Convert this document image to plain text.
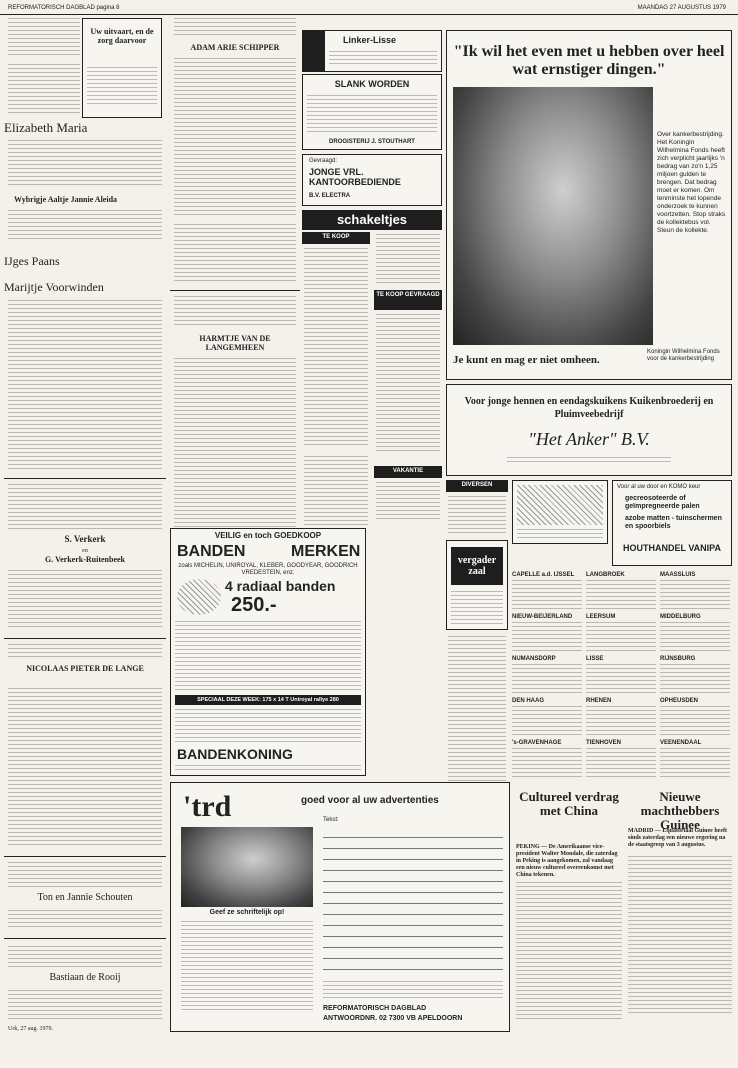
REFORMATORISCH DAGBLAD pagina 8	MAANDAG 27 AUGUSTUS 1979
Uw uitvaart, en de zorg daarvoor
Elizabeth Maria
Wybrigje Aaltje Jannie Aleida
IJges Paans
Marijtje Voorwinden
S. Verkerk
en
G. Verkerk-Ruitenbeek
NICOLAAS PIETER DE LANGE
Ton en Jannie Schouten
Bastiaan de Rooij
Urk, 27 aug. 1979.
ADAM ARIE SCHIPPER
HARMTJE VAN DE LANGEMHEEN
Linker-Lisse
SLANK WORDEN
DROGISTERIJ J. STOUTHART
Gevraagd:
JONGE VRL. KANTOORBEDIENDE
B.V. ELECTRA
schakeltjes
TE KOOP
TE KOOP GEVRAAGD
VAKANTIE
"Ik wil het even met u hebben over heel wat ernstiger dingen."
Over kankerbestrijding. Het Koningin Wilhelmina Fonds heeft zich verplicht jaarlijks 'n bedrag van zo'n 1,25 miljoen gulden te brengen. Dat bedrag moet er komen. Om tenminste het lopende onderzoek te kunnen voortzetten. Stop straks de kollektebus vol. Steun de kollekte.
Je kunt en mag er niet omheen.
Koningin Wilhelmina Fonds voor de kankerbestrijding
Voor jonge hennen en eendagskuikens Kuikenbroederij en Pluimveebedrijf
"Het Anker" B.V.
DIVERSEN	Voor al uw door en KOMO keur
gecreosoteerde of
geïmpregneerde palen
azobe matten - tuinschermen en spoorbiels
HOUTHANDEL VANIPA
vergader zaal	CAPELLE a.d. IJSSEL	LANGBROEK	MAASSLUIS
NIEUW-BEIJERLAND	LEERSUM	MIDDELBURG
NUMANSDORP	LISSE	RIJNSBURG
DEN HAAG	RHENEN	OPHEUSDEN
's-GRAVENHAGE	TIENHOVEN	VEENENDAAL
VEILIG en toch GOEDKOOP
BANDEN	MERKEN
zoals MICHELIN, UNIROYAL, KLEBER, GOODYEAR, GOODRICH VREDESTEIN, enz.
4 radiaal banden
250.-
SPECIAAL DEZE WEEK: 175 x 14 T Uniroyal rallye 280
BANDENKONING
'trd	goed voor al uw advertenties
Geef ze schriftelijk op!
Tekst:
REFORMATORISCH DAGBLAD
ANTWOORDNR. 02 7300 VB APELDOORN
Cultureel verdrag met China
PEKING — De Amerikaanse vice-president Walter Mondale, die zaterdag in Peking is aangekomen, zal vandaag een nieuw cultureel overeenkomst met China tekenen.
Nieuwe machthebbers Guinee
MADRID — Equatoriaal Guinee heeft sinds zaterdag een nieuwe regering na de staatsgreep van 3 augustus.
